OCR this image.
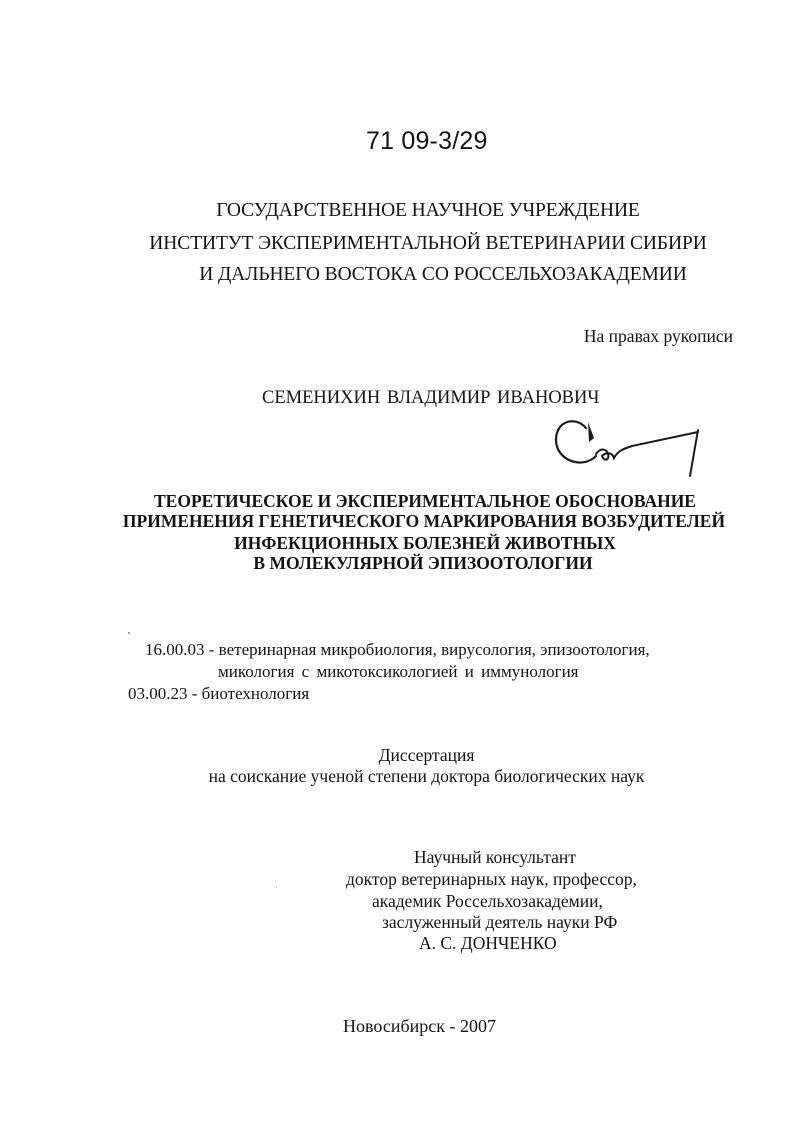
71 09-3/29
ГОСУДАРСТВЕННОЕ НАУЧНОЕ УЧРЕЖДЕНИЕ
ИНСТИТУТ ЭКСПЕРИМЕНТАЛЬНОЙ ВЕТЕРИНАРИИ СИБИРИ
И ДАЛЬНЕГО ВОСТОКА СО РОССЕЛЬХОЗАКАДЕМИИ
На правах рукописи
СЕМЕНИХИН ВЛАДИМИР ИВАНОВИЧ
ТЕОРЕТИЧЕСКОЕ И ЭКСПЕРИМЕНТАЛЬНОЕ ОБОСНОВАНИЕ
ПРИМЕНЕНИЯ ГЕНЕТИЧЕСКОГО МАРКИРОВАНИЯ ВОЗБУДИТЕЛЕЙ
ИНФЕКЦИОННЫХ БОЛЕЗНЕЙ ЖИВОТНЫХ
В МОЛЕКУЛЯРНОЙ ЭПИЗООТОЛОГИИ
16.00.03 - ветеринарная микробиология, вирусология, эпизоотология,
микология с микотоксикологией и иммунология
03.00.23 - биотехнология
Диссертация
на соискание ученой степени доктора биологических наук
Научный консультант
доктор ветеринарных наук, профессор,
академик Россельхозакадемии,
заслуженный деятель науки РФ
А. С. ДОНЧЕНКО
Новосибирск - 2007
